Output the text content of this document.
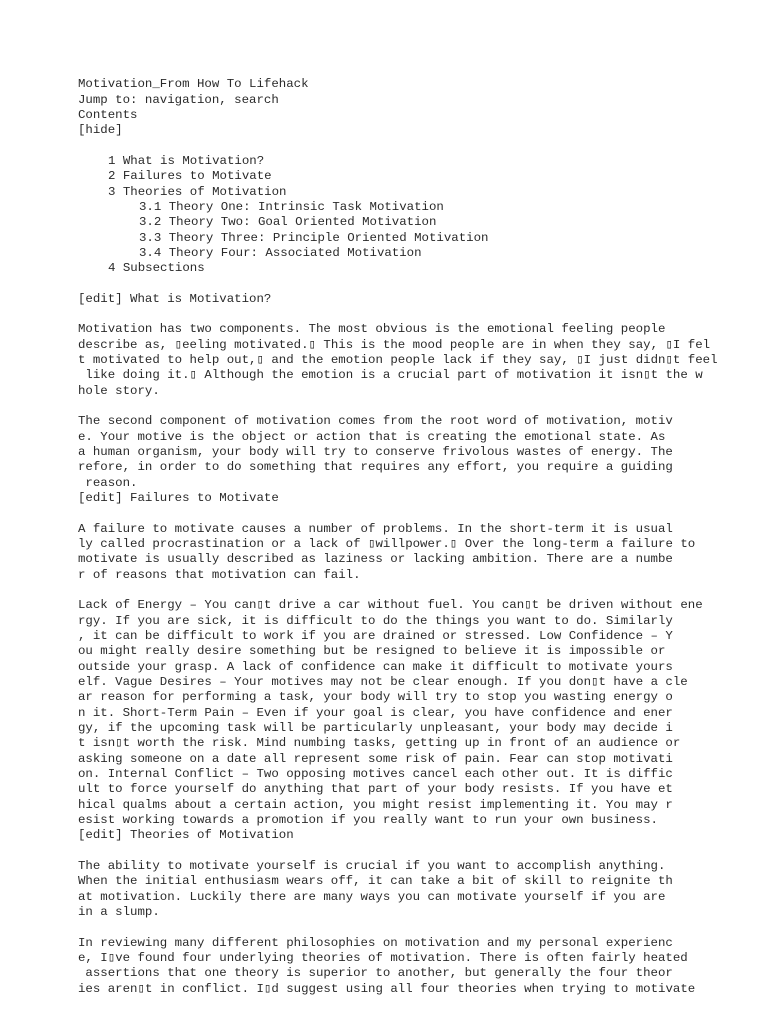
Motivation_From How To Lifehack
Jump to: navigation, search
Contents
[hide]
1 What is Motivation?
2 Failures to Motivate
3 Theories of Motivation
3.1 Theory One: Intrinsic Task Motivation
3.2 Theory Two: Goal Oriented Motivation
3.3 Theory Three: Principle Oriented Motivation
3.4 Theory Four: Associated Motivation
4 Subsections
[edit] What is Motivation?
Motivation has two components. The most obvious is the emotional feeling people
describe as, ▯eeling motivated.▯ This is the mood people are in when they say, ▯I fel
t motivated to help out,▯ and the emotion people lack if they say, ▯I just didn▯t feel
like doing it.▯ Although the emotion is a crucial part of motivation it isn▯t the w
hole story.
The second component of motivation comes from the root word of motivation, motiv
e. Your motive is the object or action that is creating the emotional state. As
a human organism, your body will try to conserve frivolous wastes of energy. The
refore, in order to do something that requires any effort, you require a guiding
reason.
[edit] Failures to Motivate
A failure to motivate causes a number of problems. In the short-term it is usual
ly called procrastination or a lack of ▯willpower.▯ Over the long-term a failure to
motivate is usually described as laziness or lacking ambition. There are a numbe
r of reasons that motivation can fail.
Lack of Energy – You can▯t drive a car without fuel. You can▯t be driven without ene
rgy. If you are sick, it is difficult to do the things you want to do. Similarly
, it can be difficult to work if you are drained or stressed. Low Confidence – Y
ou might really desire something but be resigned to believe it is impossible or
outside your grasp. A lack of confidence can make it difficult to motivate yours
elf. Vague Desires – Your motives may not be clear enough. If you don▯t have a cle
ar reason for performing a task, your body will try to stop you wasting energy o
n it. Short-Term Pain – Even if your goal is clear, you have confidence and ener
gy, if the upcoming task will be particularly unpleasant, your body may decide i
t isn▯t worth the risk. Mind numbing tasks, getting up in front of an audience or
asking someone on a date all represent some risk of pain. Fear can stop motivati
on. Internal Conflict – Two opposing motives cancel each other out. It is diffic
ult to force yourself do anything that part of your body resists. If you have et
hical qualms about a certain action, you might resist implementing it. You may r
esist working towards a promotion if you really want to run your own business.
[edit] Theories of Motivation
The ability to motivate yourself is crucial if you want to accomplish anything.
When the initial enthusiasm wears off, it can take a bit of skill to reignite th
at motivation. Luckily there are many ways you can motivate yourself if you are
in a slump.
In reviewing many different philosophies on motivation and my personal experienc
e, I▯ve found four underlying theories of motivation. There is often fairly heated
assertions that one theory is superior to another, but generally the four theor
ies aren▯t in conflict. I▯d suggest using all four theories when trying to motivate
